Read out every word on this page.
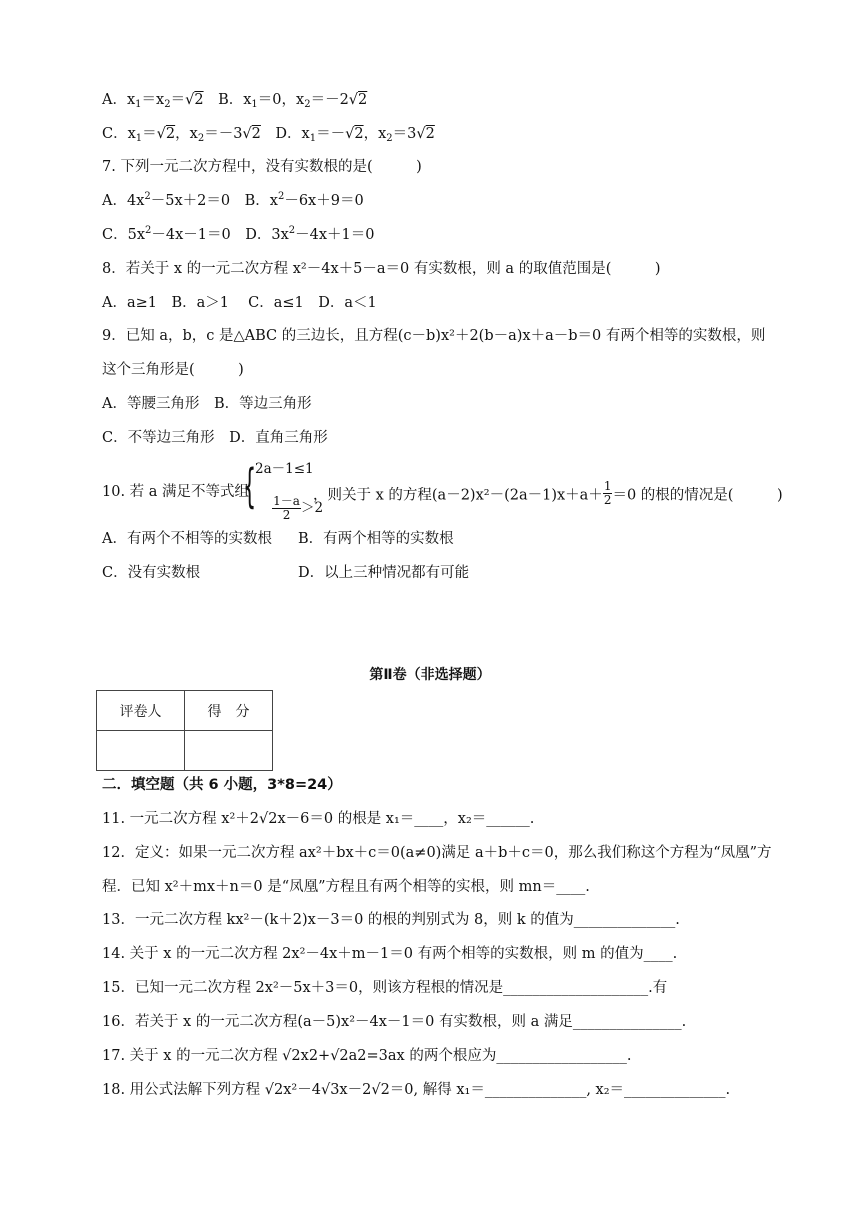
A．$x_1=x_2=√2$　 B．$x_1=0$，$x_2=-2√2$
C．$x_1=√2$，$x_2=-3√2$　 D．$x_1=-√2$，$x_2=3√2$
7. 下列一元二次方程中，没有实数根的是(　　　)
A．$4x^2-5x+2=0$　B．$x^2-6x+9=0$
C．$5x^2-4x-1=0$　D．$3x^2-4x+1=0$
8．若关于 x 的一元二次方程 x²－4x＋5－a＝0 有实数根，则 a 的取值范围是(　　　)
A．a≥1　B．a＞1　 C．a≤1　D．a＜1
9．已知 a，b，c 是△ABC 的三边长，且方程(c－b)x²＋2(b－a)x＋a－b＝0 有两个相等的实数根，则
这个三角形是(　　　)
A．等腰三角形　B．等边三角形
C．不等边三角形　D．直角三角形
10. 若 a 满足不等式组
{
2a－1≤1

$\frac{1-a}{2} >2$

，则关于 x 的方程$(a-2)x^2-(2a-1)x+a+ \frac{1}{2} =0$ 的根的情况是(　　　)
A．有两个不相等的实数根 B．有两个相等的实数根
C．没有实数根	D．以上三种情况都有可能
第Ⅱ卷（非选择题）
评卷人	得　分

二．填空题（共 6 小题，3*8=24）
11. 一元二次方程 x²＋2√2x－6＝0 的根是 x₁＝____，x₂＝______.
12．定义：如果一元二次方程 ax²＋bx＋c＝0(a≠0)满足 a＋b＋c＝0，那么我们称这个方程为“凤凰”方
程．已知 x²＋mx＋n＝0 是“凤凰”方程且有两个相等的实根，则 mn＝____.
13．一元二次方程 kx²－(k＋2)x－3＝0 的根的判别式为 8，则 k 的值为______________.
14. 关于 x 的一元二次方程 2x²－4x＋m－1＝0 有两个相等的实数根，则 m 的值为____.
15．已知一元二次方程 2x²－5x＋3＝0，则该方程根的情况是____________________.有
16．若关于 x 的一元二次方程(a－5)x²－4x－1＝0 有实数根，则 a 满足_______________.
17. 关于 x 的一元二次方程 √2x2+√2a2=3ax 的两个根应为__________________.
18. 用公式法解下列方程 √2x²－4√3x－2√2＝0, 解得 x₁＝______________, x₂＝______________.
